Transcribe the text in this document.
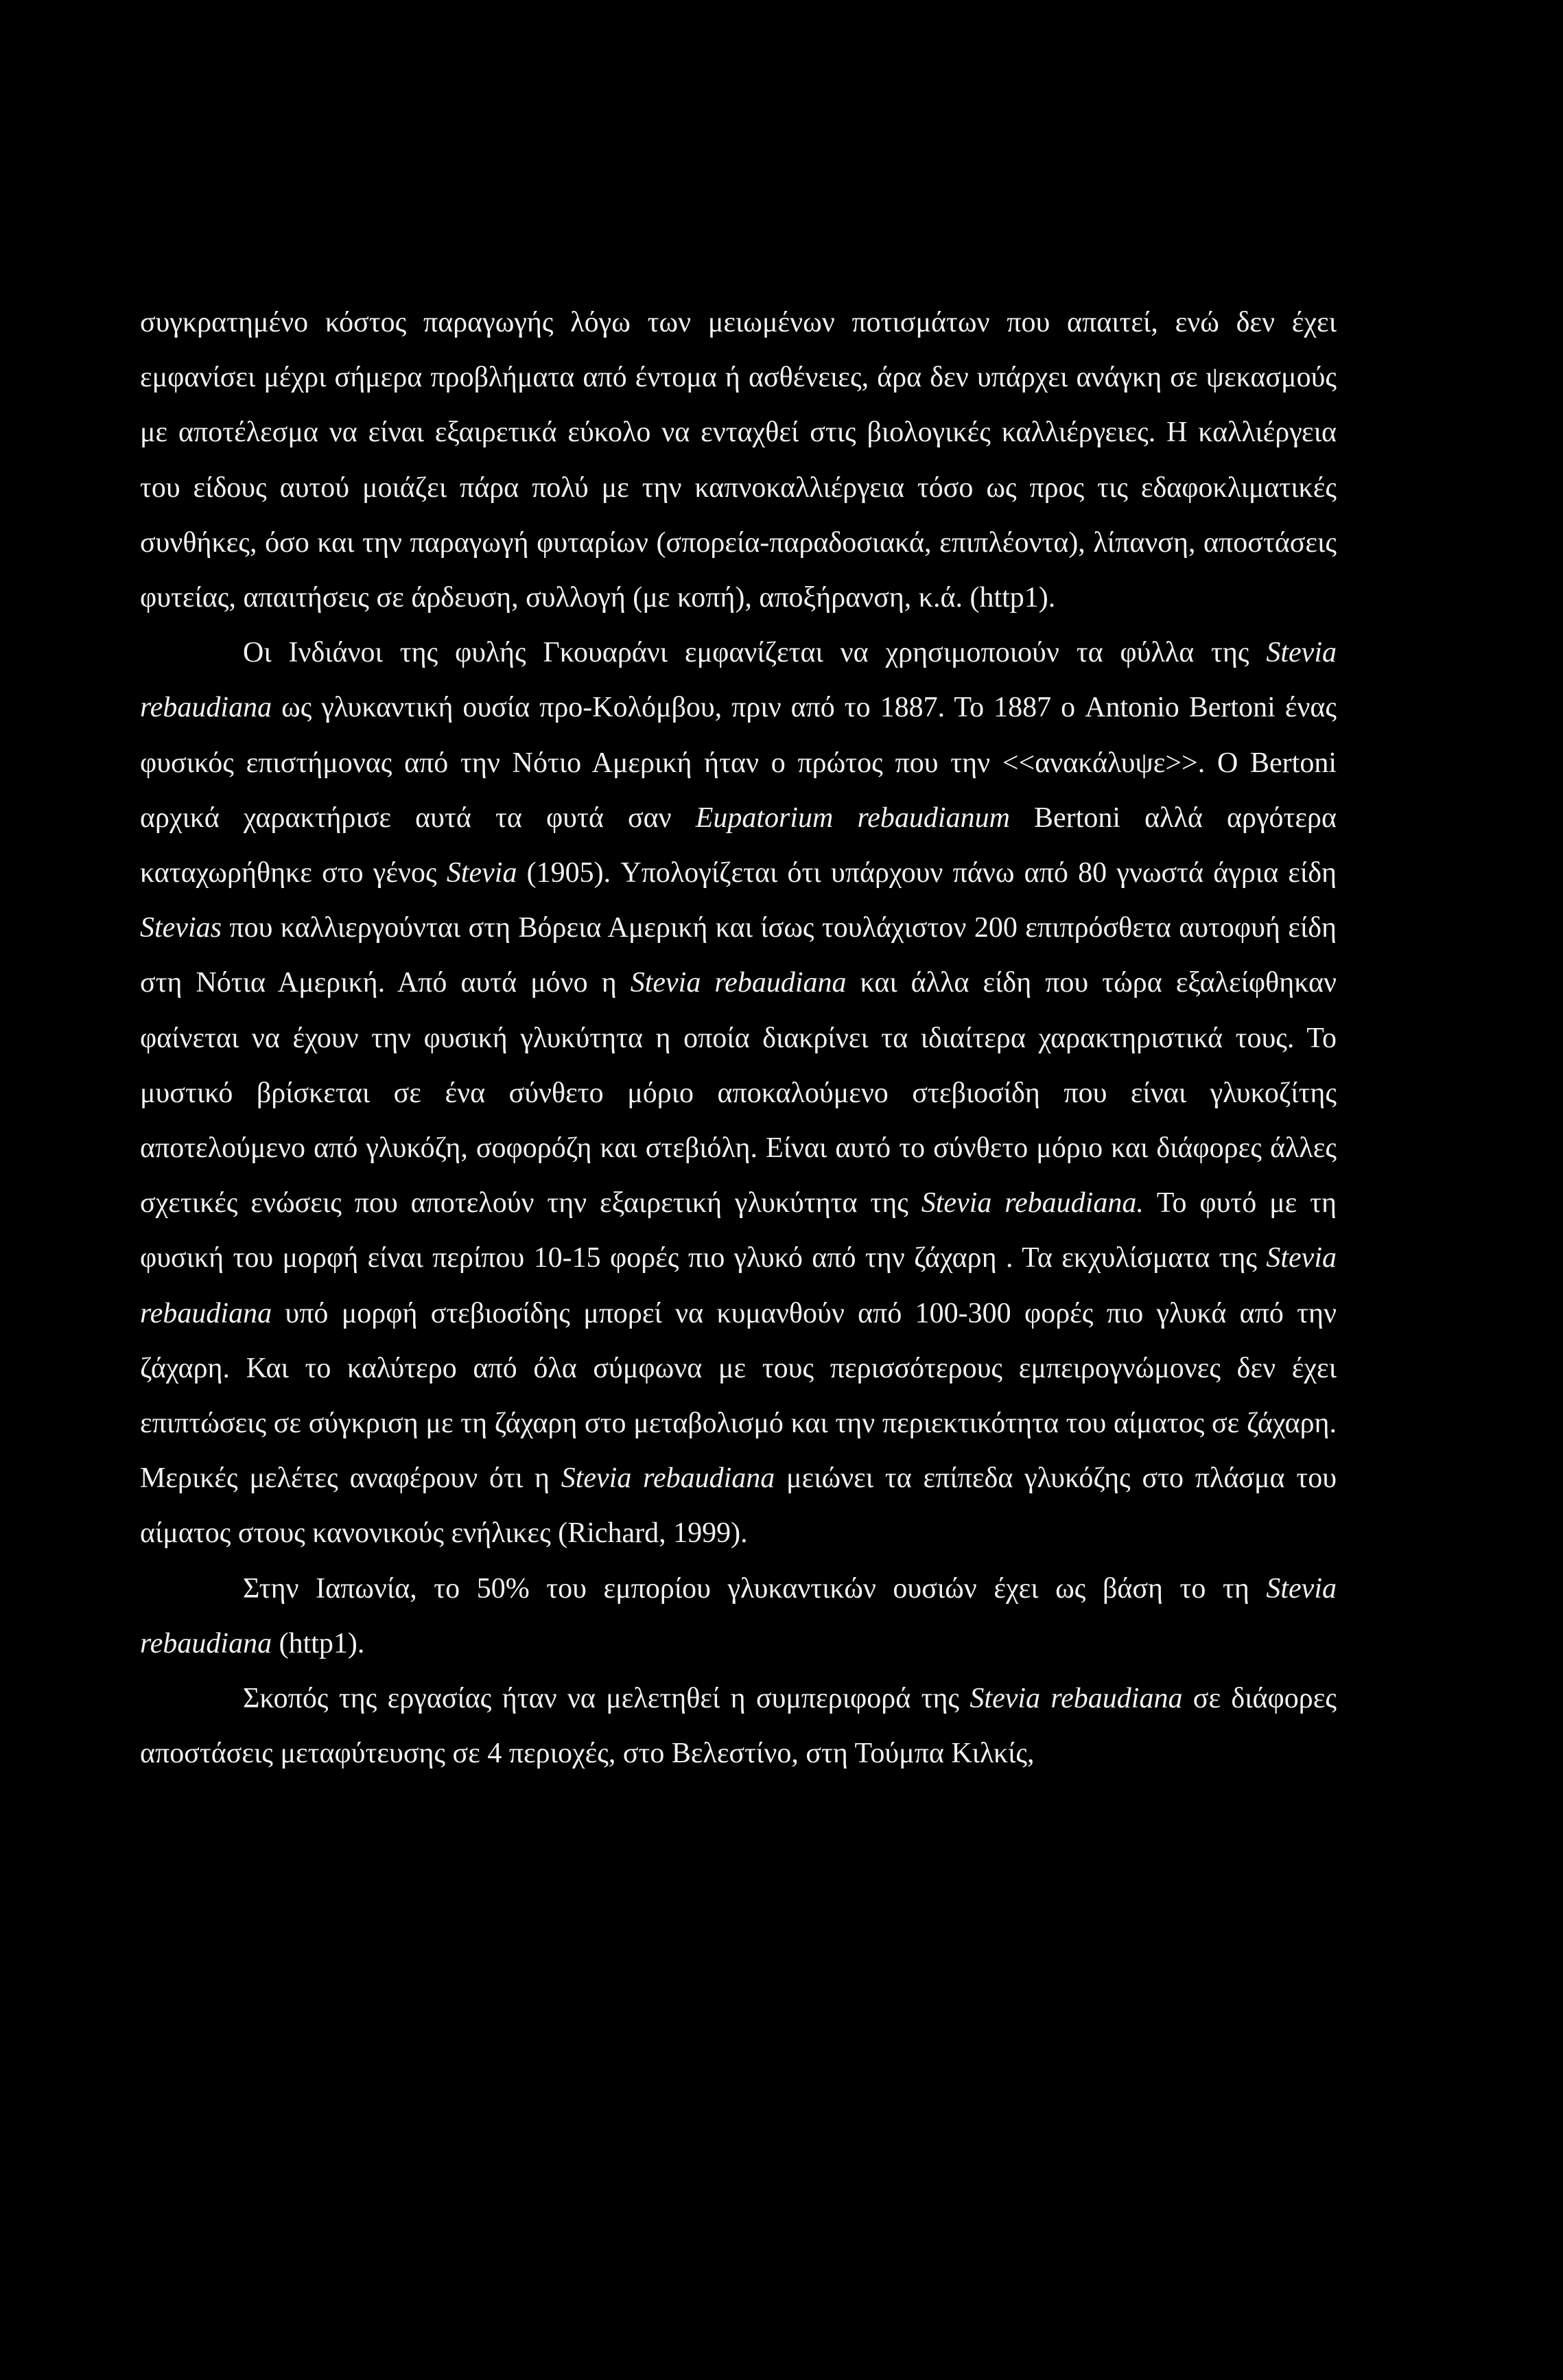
συγκρατημένο κόστος παραγωγής λόγω των μειωμένων ποτισμάτων που απαιτεί, ενώ δεν έχει εμφανίσει μέχρι σήμερα προβλήματα από έντομα ή ασθένειες, άρα δεν υπάρχει ανάγκη σε ψεκασμούς με αποτέλεσμα να είναι εξαιρετικά εύκολο να ενταχθεί στις βιολογικές καλλιέργειες. Η καλλιέργεια του είδους αυτού μοιάζει πάρα πολύ με την καπνοκαλλιέργεια τόσο ως προς τις εδαφοκλιματικές συνθήκες, όσο και την παραγωγή φυταρίων (σπορεία-παραδοσιακά, επιπλέοντα), λίπανση, αποστάσεις φυτείας, απαιτήσεις σε άρδευση, συλλογή (με κοπή), αποξήρανση, κ.ά. (http1).

Οι Ινδιάνοι της φυλής Γκουαράνι εμφανίζεται να χρησιμοποιούν τα φύλλα της Stevia rebaudiana ως γλυκαντική ουσία προ-Κολόμβου, πριν από το 1887. Το 1887 ο Antonio Bertoni ένας φυσικός επιστήμονας από την Νότιο Αμερική ήταν ο πρώτος που την <<ανακάλυψε>>. Ο Bertoni αρχικά χαρακτήρισε αυτά τα φυτά σαν Eupatorium rebaudianum Bertoni αλλά αργότερα καταχωρήθηκε στο γένος Stevia (1905). Υπολογίζεται ότι υπάρχουν πάνω από 80 γνωστά άγρια είδη Stevias που καλλιεργούνται στη Βόρεια Αμερική και ίσως τουλάχιστον 200 επιπρόσθετα αυτοφυή είδη στη Νότια Αμερική. Από αυτά μόνο η Stevia rebaudiana και άλλα είδη που τώρα εξαλείφθηκαν φαίνεται να έχουν την φυσική γλυκύτητα η οποία διακρίνει τα ιδιαίτερα χαρακτηριστικά τους. Το μυστικό βρίσκεται σε ένα σύνθετο μόριο αποκαλούμενο στεβιοσίδη που είναι γλυκοζίτης αποτελούμενο από γλυκόζη, σοφορόζη και στεβιόλη. Είναι αυτό το σύνθετο μόριο και διάφορες άλλες σχετικές ενώσεις που αποτελούν την εξαιρετική γλυκύτητα της Stevia rebaudiana. Το φυτό με τη φυσική του μορφή είναι περίπου 10-15 φορές πιο γλυκό από την ζάχαρη . Τα εκχυλίσματα της Stevia rebaudiana υπό μορφή στεβιοσίδης μπορεί να κυμανθούν από 100-300 φορές πιο γλυκά από την ζάχαρη. Και το καλύτερο από όλα σύμφωνα με τους περισσότερους εμπειρογνώμονες δεν έχει επιπτώσεις σε σύγκριση με τη ζάχαρη στο μεταβολισμό και την περιεκτικότητα του αίματος σε ζάχαρη. Μερικές μελέτες αναφέρουν ότι η Stevia rebaudiana μειώνει τα επίπεδα γλυκόζης στο πλάσμα του αίματος στους κανονικούς ενήλικες (Richard, 1999).

Στην Ιαπωνία, το 50% του εμπορίου γλυκαντικών ουσιών έχει ως βάση το τη Stevia rebaudiana (http1).

Σκοπός της εργασίας ήταν να μελετηθεί η συμπεριφορά της Stevia rebaudiana σε διάφορες αποστάσεις μεταφύτευσης σε 4 περιοχές, στο Βελεστίνο, στη Τούμπα Κιλκίς,
